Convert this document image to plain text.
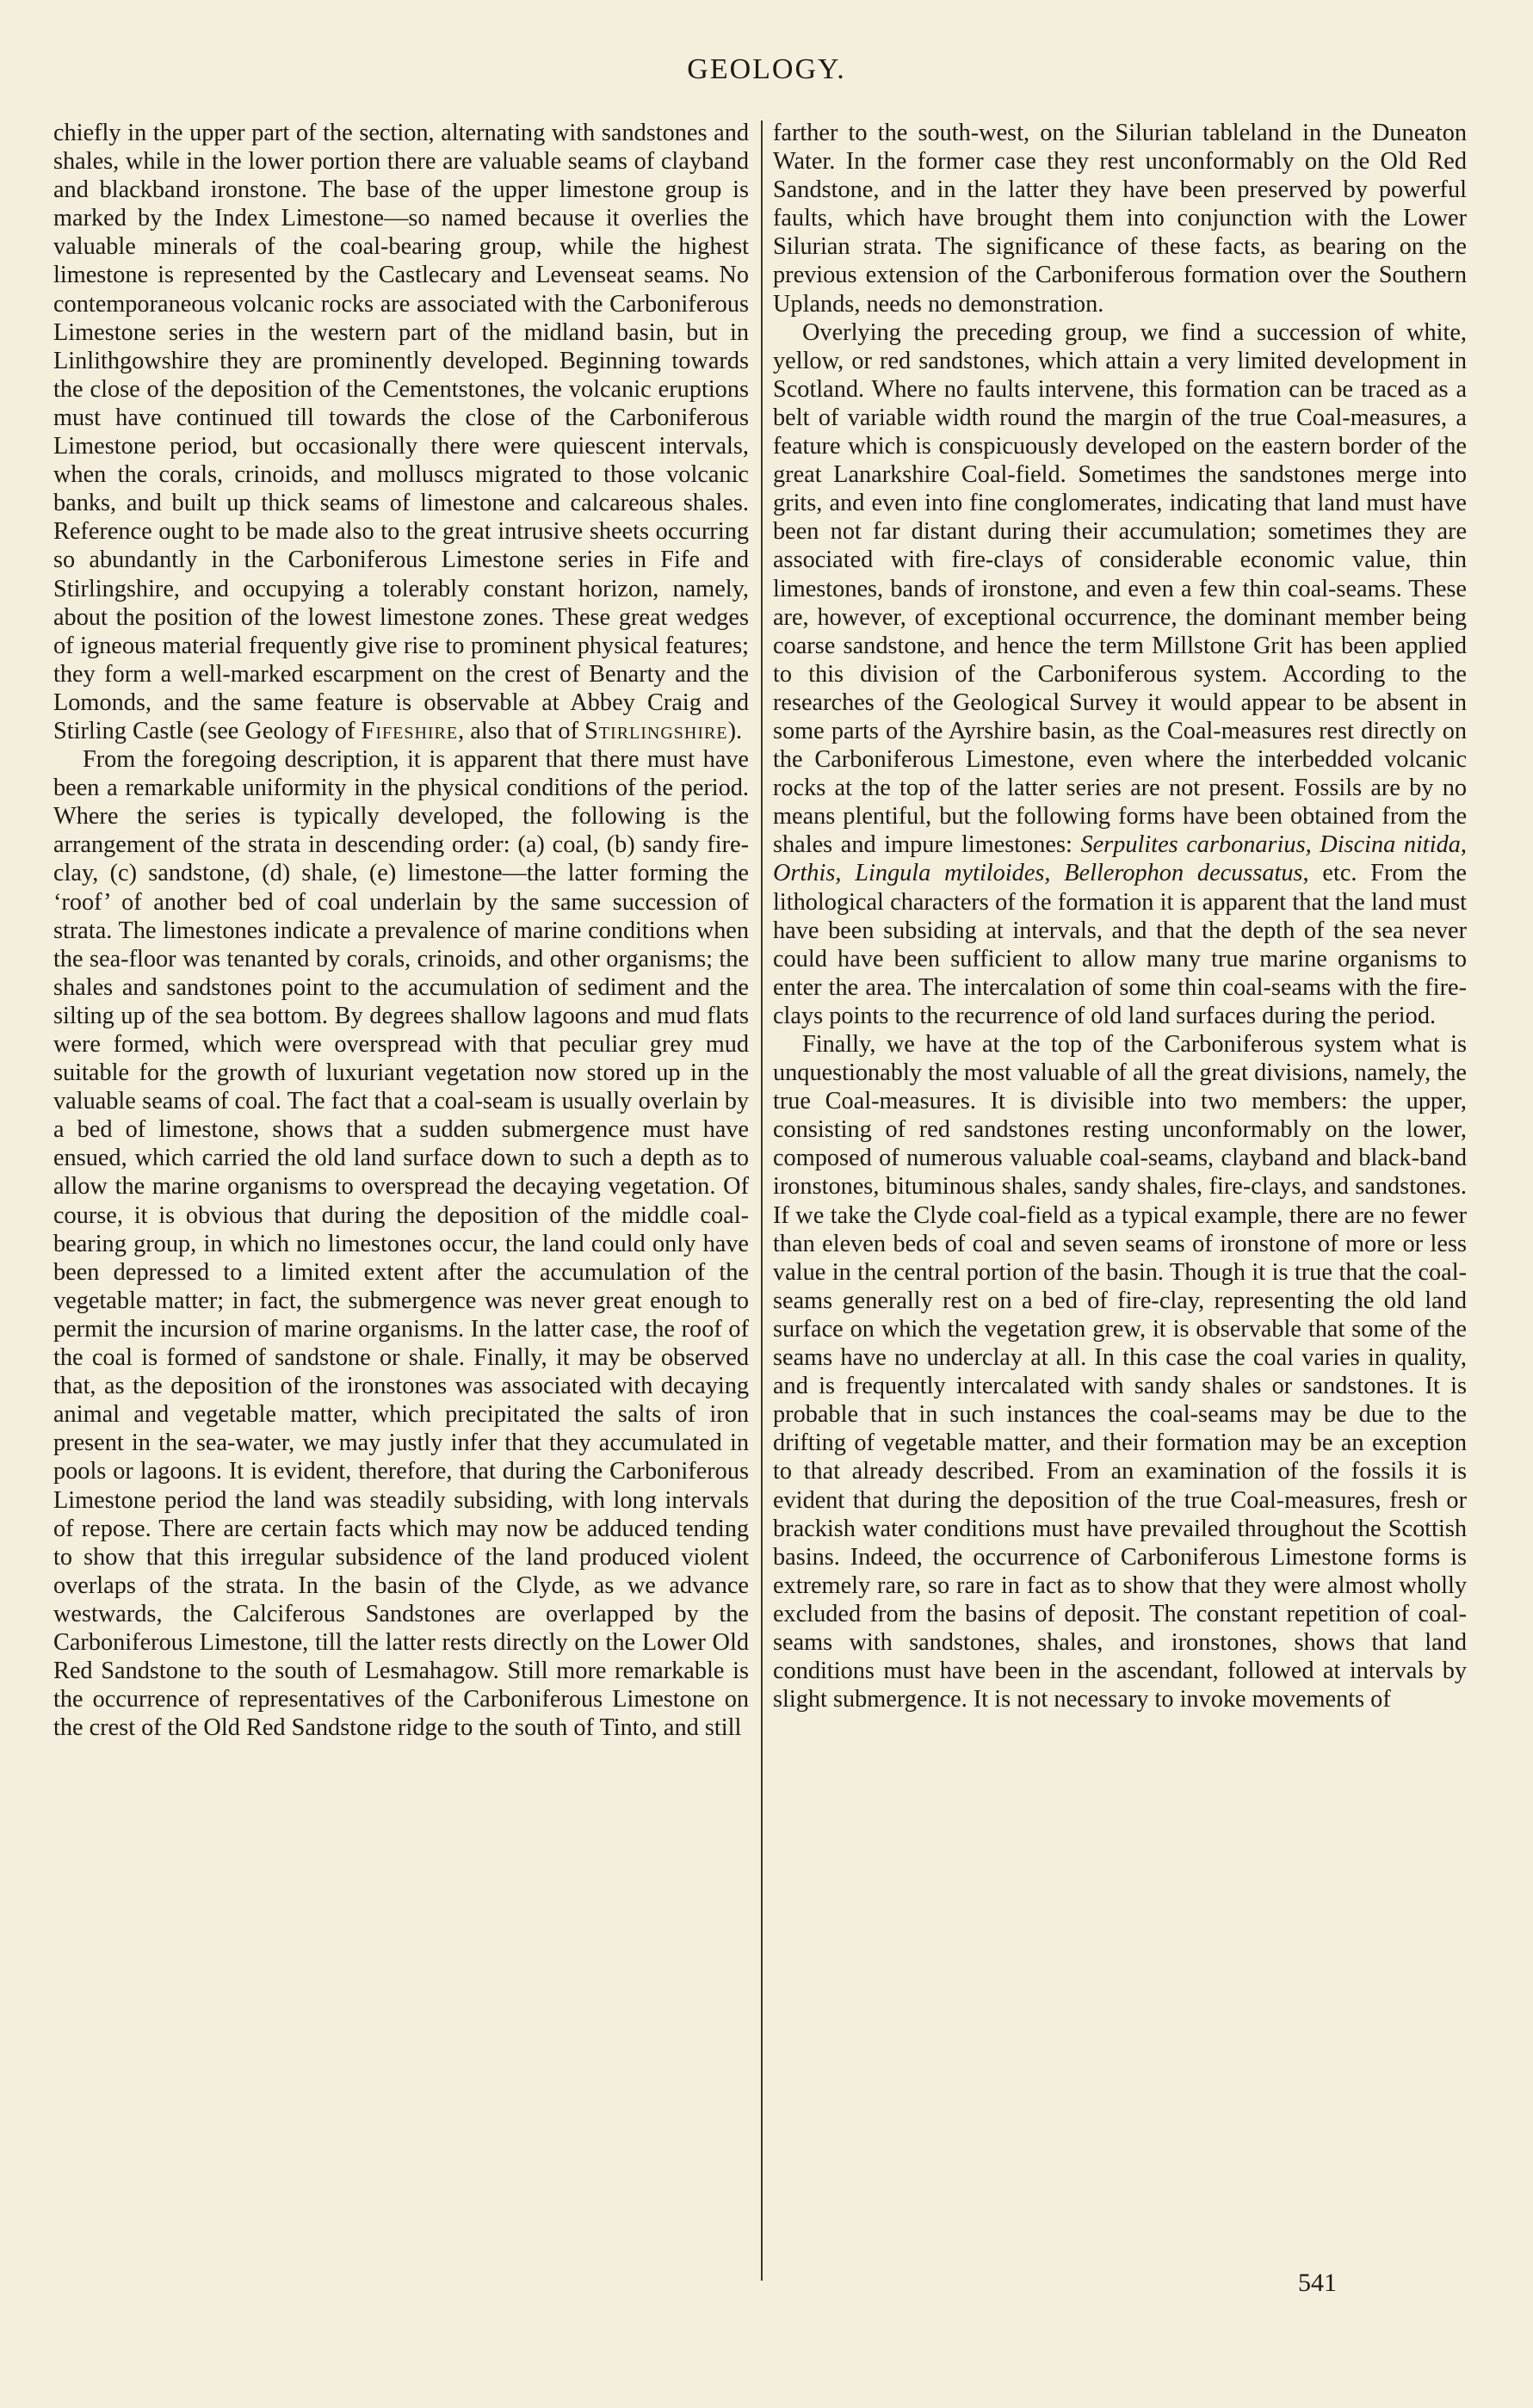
GEOLOGY.

chiefly in the upper part of the section, alternating with sandstones and shales, while in the lower portion there are valuable seams of clayband and blackband ironstone. The base of the upper limestone group is marked by the Index Limestone—so named because it overlies the valuable minerals of the coal-bearing group, while the highest limestone is represented by the Castlecary and Levenseat seams. No contemporaneous volcanic rocks are associated with the Carboniferous Limestone series in the western part of the midland basin, but in Linlithgowshire they are prominently developed. Beginning towards the close of the deposition of the Cementstones, the volcanic eruptions must have continued till towards the close of the Carboniferous Limestone period, but occasionally there were quiescent intervals, when the corals, crinoids, and molluscs migrated to those volcanic banks, and built up thick seams of limestone and calcareous shales. Reference ought to be made also to the great intrusive sheets occurring so abundantly in the Carboniferous Limestone series in Fife and Stirlingshire, and occupying a tolerably constant horizon, namely, about the position of the lowest limestone zones. These great wedges of igneous material frequently give rise to prominent physical features; they form a well-marked escarpment on the crest of Benarty and the Lomonds, and the same feature is observable at Abbey Craig and Stirling Castle (see Geology of Fifeshire, also that of Stirlingshire).

From the foregoing description, it is apparent that there must have been a remarkable uniformity in the physical conditions of the period. Where the series is typically developed, the following is the arrangement of the strata in descending order: (a) coal, (b) sandy fire-clay, (c) sandstone, (d) shale, (e) limestone—the latter forming the ‘roof’ of another bed of coal underlain by the same succession of strata. The limestones indicate a prevalence of marine conditions when the sea-floor was tenanted by corals, crinoids, and other organisms; the shales and sandstones point to the accumulation of sediment and the silting up of the sea bottom. By degrees shallow lagoons and mud flats were formed, which were overspread with that peculiar grey mud suitable for the growth of luxuriant vegetation now stored up in the valuable seams of coal. The fact that a coal-seam is usually overlain by a bed of limestone, shows that a sudden submergence must have ensued, which carried the old land surface down to such a depth as to allow the marine organisms to overspread the decaying vegetation. Of course, it is obvious that during the deposition of the middle coal-bearing group, in which no limestones occur, the land could only have been depressed to a limited extent after the accumulation of the vegetable matter; in fact, the submergence was never great enough to permit the incursion of marine organisms. In the latter case, the roof of the coal is formed of sandstone or shale. Finally, it may be observed that, as the deposition of the ironstones was associated with decaying animal and vegetable matter, which precipitated the salts of iron present in the sea-water, we may justly infer that they accumulated in pools or lagoons. It is evident, therefore, that during the Carboniferous Limestone period the land was steadily subsiding, with long intervals of repose. There are certain facts which may now be adduced tending to show that this irregular subsidence of the land produced violent overlaps of the strata. In the basin of the Clyde, as we advance westwards, the Calciferous Sandstones are overlapped by the Carboniferous Limestone, till the latter rests directly on the Lower Old Red Sandstone to the south of Lesmahagow. Still more remarkable is the occurrence of representatives of the Carboniferous Limestone on the crest of the Old Red Sandstone ridge to the south of Tinto, and still

farther to the south-west, on the Silurian tableland in the Duneaton Water. In the former case they rest unconformably on the Old Red Sandstone, and in the latter they have been preserved by powerful faults, which have brought them into conjunction with the Lower Silurian strata. The significance of these facts, as bearing on the previous extension of the Carboniferous formation over the Southern Uplands, needs no demonstration.

Overlying the preceding group, we find a succession of white, yellow, or red sandstones, which attain a very limited development in Scotland. Where no faults intervene, this formation can be traced as a belt of variable width round the margin of the true Coal-measures, a feature which is conspicuously developed on the eastern border of the great Lanarkshire Coal-field. Sometimes the sandstones merge into grits, and even into fine conglomerates, indicating that land must have been not far distant during their accumulation; sometimes they are associated with fire-clays of considerable economic value, thin limestones, bands of ironstone, and even a few thin coal-seams. These are, however, of exceptional occurrence, the dominant member being coarse sandstone, and hence the term Millstone Grit has been applied to this division of the Carboniferous system. According to the researches of the Geological Survey it would appear to be absent in some parts of the Ayrshire basin, as the Coal-measures rest directly on the Carboniferous Limestone, even where the interbedded volcanic rocks at the top of the latter series are not present. Fossils are by no means plentiful, but the following forms have been obtained from the shales and impure limestones: Serpulites carbonarius, Discina nitida, Orthis, Lingula mytiloides, Bellerophon decussatus, etc. From the lithological characters of the formation it is apparent that the land must have been subsiding at intervals, and that the depth of the sea never could have been sufficient to allow many true marine organisms to enter the area. The intercalation of some thin coal-seams with the fire-clays points to the recurrence of old land surfaces during the period.

Finally, we have at the top of the Carboniferous system what is unquestionably the most valuable of all the great divisions, namely, the true Coal-measures. It is divisible into two members: the upper, consisting of red sandstones resting unconformably on the lower, composed of numerous valuable coal-seams, clayband and black-band ironstones, bituminous shales, sandy shales, fire-clays, and sandstones. If we take the Clyde coal-field as a typical example, there are no fewer than eleven beds of coal and seven seams of ironstone of more or less value in the central portion of the basin. Though it is true that the coal-seams generally rest on a bed of fire-clay, representing the old land surface on which the vegetation grew, it is observable that some of the seams have no underclay at all. In this case the coal varies in quality, and is frequently intercalated with sandy shales or sandstones. It is probable that in such instances the coal-seams may be due to the drifting of vegetable matter, and their formation may be an exception to that already described. From an examination of the fossils it is evident that during the deposition of the true Coal-measures, fresh or brackish water conditions must have prevailed throughout the Scottish basins. Indeed, the occurrence of Carboniferous Limestone forms is extremely rare, so rare in fact as to show that they were almost wholly excluded from the basins of deposit. The constant repetition of coal-seams with sandstones, shales, and ironstones, shows that land conditions must have been in the ascendant, followed at intervals by slight submergence. It is not necessary to invoke movements of

541
